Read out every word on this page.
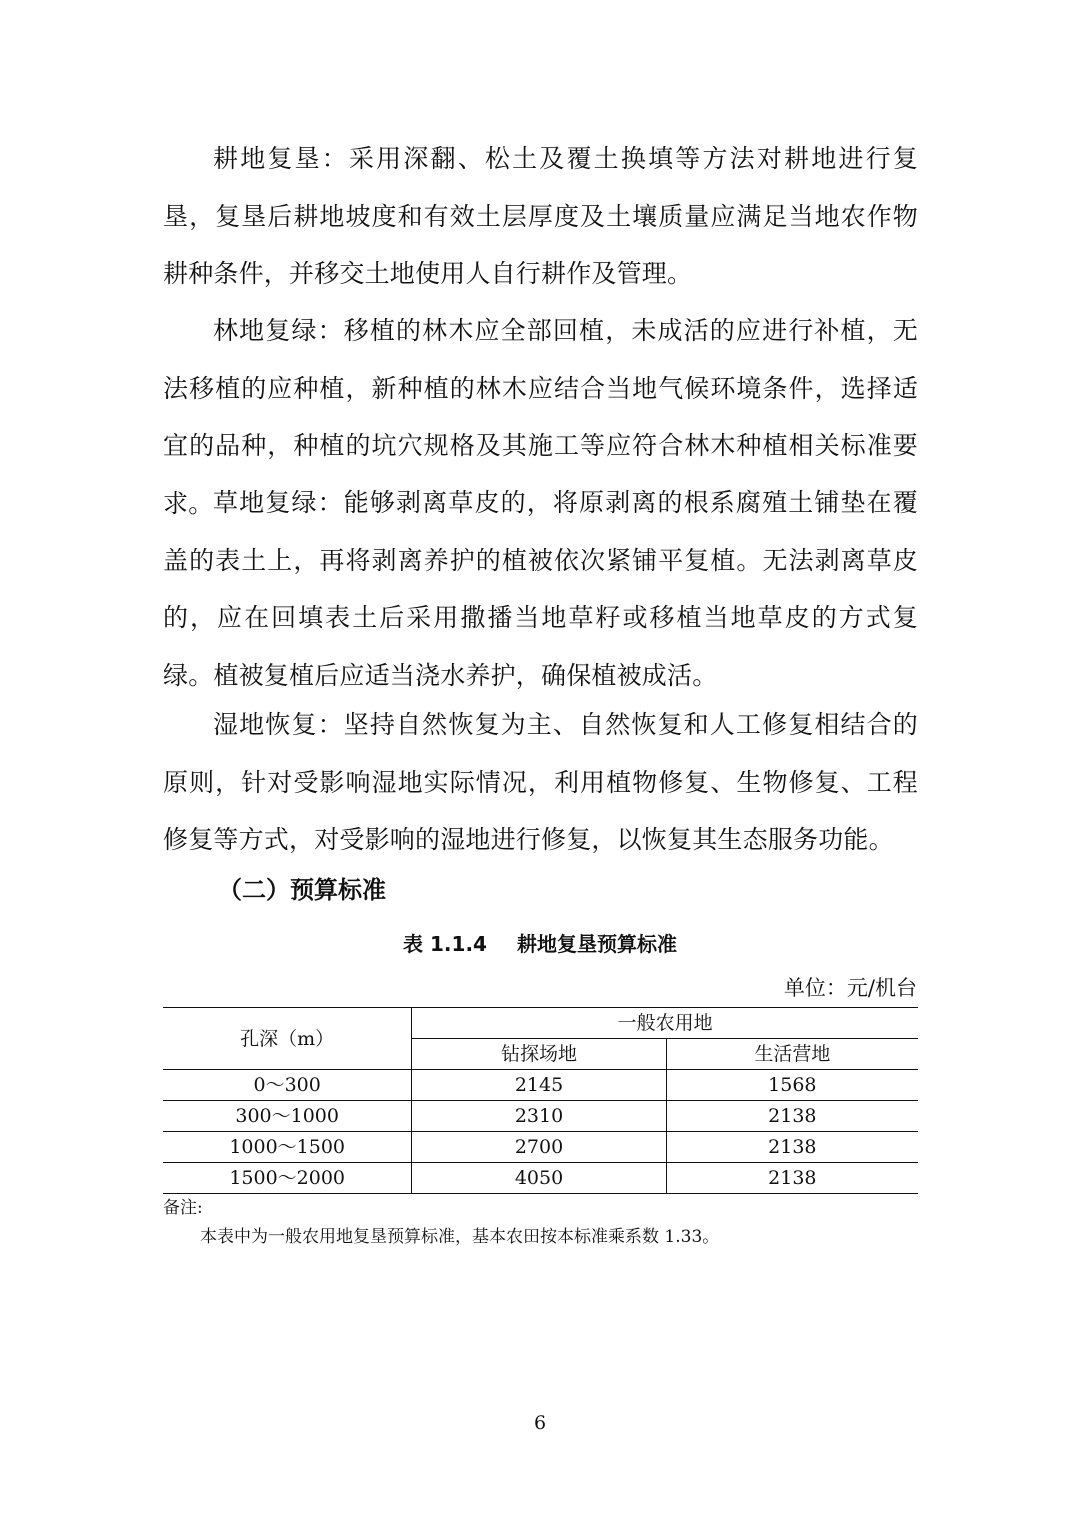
耕地复垦：采用深翻、松土及覆土换填等方法对耕地进行复垦，复垦后耕地坡度和有效土层厚度及土壤质量应满足当地农作物耕种条件，并移交土地使用人自行耕作及管理。

林地复绿：移植的林木应全部回植，未成活的应进行补植，无法移植的应种植，新种植的林木应结合当地气候环境条件，选择适宜的品种，种植的坑穴规格及其施工等应符合林木种植相关标准要求。 草地复绿：能够剥离草皮的，将原剥离的根系腐殖土铺垫在覆盖的表土上，再将剥离养护的植被依次紧铺平复植。无法剥离草皮的，应在回填表土后采用撒播当地草籽或移植当地草皮的方式复绿。植被复植后应适当浇水养护，确保植被成活。

湿地恢复：坚持自然恢复为主、自然恢复和人工修复相结合的原则，针对受影响湿地实际情况，利用植物修复、生物修复、工程修复等方式，对受影响的湿地进行修复，以恢复其生态服务功能。

（二）预算标准

表 1.1.4 耕地复垦预算标准

单位：元/机台

孔深（m）	一般农用地	
	钻探场地	生活营地
0～300	2145	1568
300～1000	2310	2138
1000～1500	2700	2138
1500～2000	4050	2138

备注:

本表中为一般农用地复垦预算标准，基本农田按本标准乘系数 1.33。

6
